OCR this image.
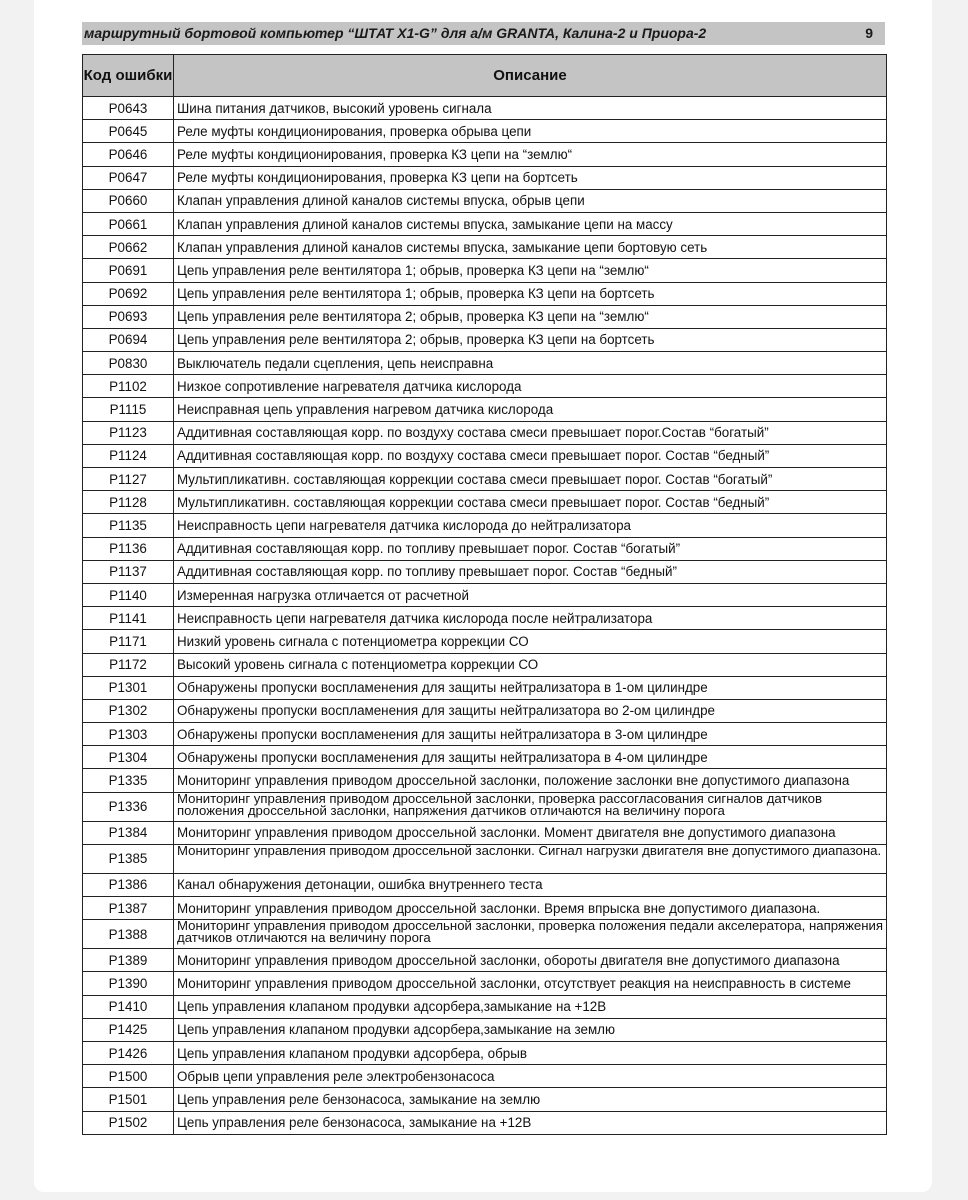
маршрутный бортовой компьютер “ШТАТ X1-G” для а/м GRANTA, Калина-2 и Приора-2	9
Код ошибки	Описание
P0643	Шина питания датчиков, высокий уровень сигнала
P0645	Реле муфты кондиционирования, проверка обрыва цепи
P0646	Реле муфты кондиционирования, проверка КЗ цепи на “землю“
P0647	Реле муфты кондиционирования, проверка КЗ цепи на бортсеть
P0660	Клапан управления длиной каналов системы впуска, обрыв цепи
P0661	Клапан управления длиной каналов системы впуска, замыкание цепи на массу
P0662	Клапан управления длиной каналов системы впуска, замыкание цепи бортовую сеть
P0691	Цепь управления реле вентилятора 1; обрыв, проверка КЗ цепи на “землю“
P0692	Цепь управления реле вентилятора 1; обрыв, проверка КЗ цепи на бортсеть
P0693	Цепь управления реле вентилятора 2; обрыв, проверка КЗ цепи на “землю“
P0694	Цепь управления реле вентилятора 2; обрыв, проверка КЗ цепи на бортсеть
P0830	Выключатель педали сцепления, цепь неисправна
P1102	Низкое сопротивление нагревателя датчика кислорода
P1115	Неисправная цепь управления нагревом датчика кислорода
P1123	Аддитивная составляющая корр. по воздуху состава смеси превышает порог.Состав “богатый”
P1124	Аддитивная составляющая корр. по воздуху состава смеси превышает порог. Состав “бедный”
P1127	Мультипликативн. составляющая коррекции состава смеси превышает порог. Состав “богатый”
P1128	Мультипликативн. составляющая коррекции состава смеси превышает порог. Состав “бедный”
P1135	Неисправность цепи нагревателя датчика кислорода до нейтрализатора
P1136	Аддитивная составляющая корр. по топливу превышает порог. Состав “богатый”
P1137	Аддитивная составляющая корр. по топливу превышает порог. Состав “бедный”
P1140	Измеренная нагрузка отличается от расчетной
P1141	Неисправность цепи нагревателя датчика кислорода после нейтрализатора
P1171	Низкий уровень сигнала с потенциометра коррекции СО
P1172	Высокий уровень сигнала с потенциометра коррекции СО
P1301	Обнаружены пропуски воспламенения для защиты нейтрализатора в 1-ом цилиндре
P1302	Обнаружены пропуски воспламенения для защиты нейтрализатора во 2-ом цилиндре
P1303	Обнаружены пропуски воспламенения для защиты нейтрализатора в 3-ом цилиндре
P1304	Обнаружены пропуски воспламенения для защиты нейтрализатора в 4-ом цилиндре
P1335	Мониторинг управления приводом дроссельной заслонки, положение заслонки вне допустимого диапазона
P1336	Мониторинг управления приводом дроссельной заслонки, проверка рассогласования сигналов датчиков положения дроссельной заслонки, напряжения датчиков отличаются на величину порога
P1384	Мониторинг управления приводом дроссельной заслонки. Момент двигателя вне допустимого диапазона
P1385	Мониторинг управления приводом дроссельной заслонки. Сигнал нагрузки двигателя вне допустимого диапазона.
P1386	Канал обнаружения детонации, ошибка внутреннего теста
P1387	Мониторинг управления приводом дроссельной заслонки. Время впрыска вне допустимого диапазона.
P1388	Мониторинг управления приводом дроссельной заслонки, проверка положения педали акселератора, напряжения датчиков отличаются на величину порога
P1389	Мониторинг управления приводом дроссельной заслонки, обороты двигателя вне допустимого диапазона
P1390	Мониторинг управления приводом дроссельной заслонки, отсутствует реакция на неисправность в системе
P1410	Цепь управления клапаном продувки адсорбера,замыкание на +12В
P1425	Цепь управления клапаном продувки адсорбера,замыкание на землю
P1426	Цепь управления клапаном продувки адсорбера, обрыв
P1500	Обрыв цепи управления реле электробензонасоса
P1501	Цепь управления реле бензонасоса, замыкание на землю
P1502	Цепь управления реле бензонасоса, замыкание на +12В
